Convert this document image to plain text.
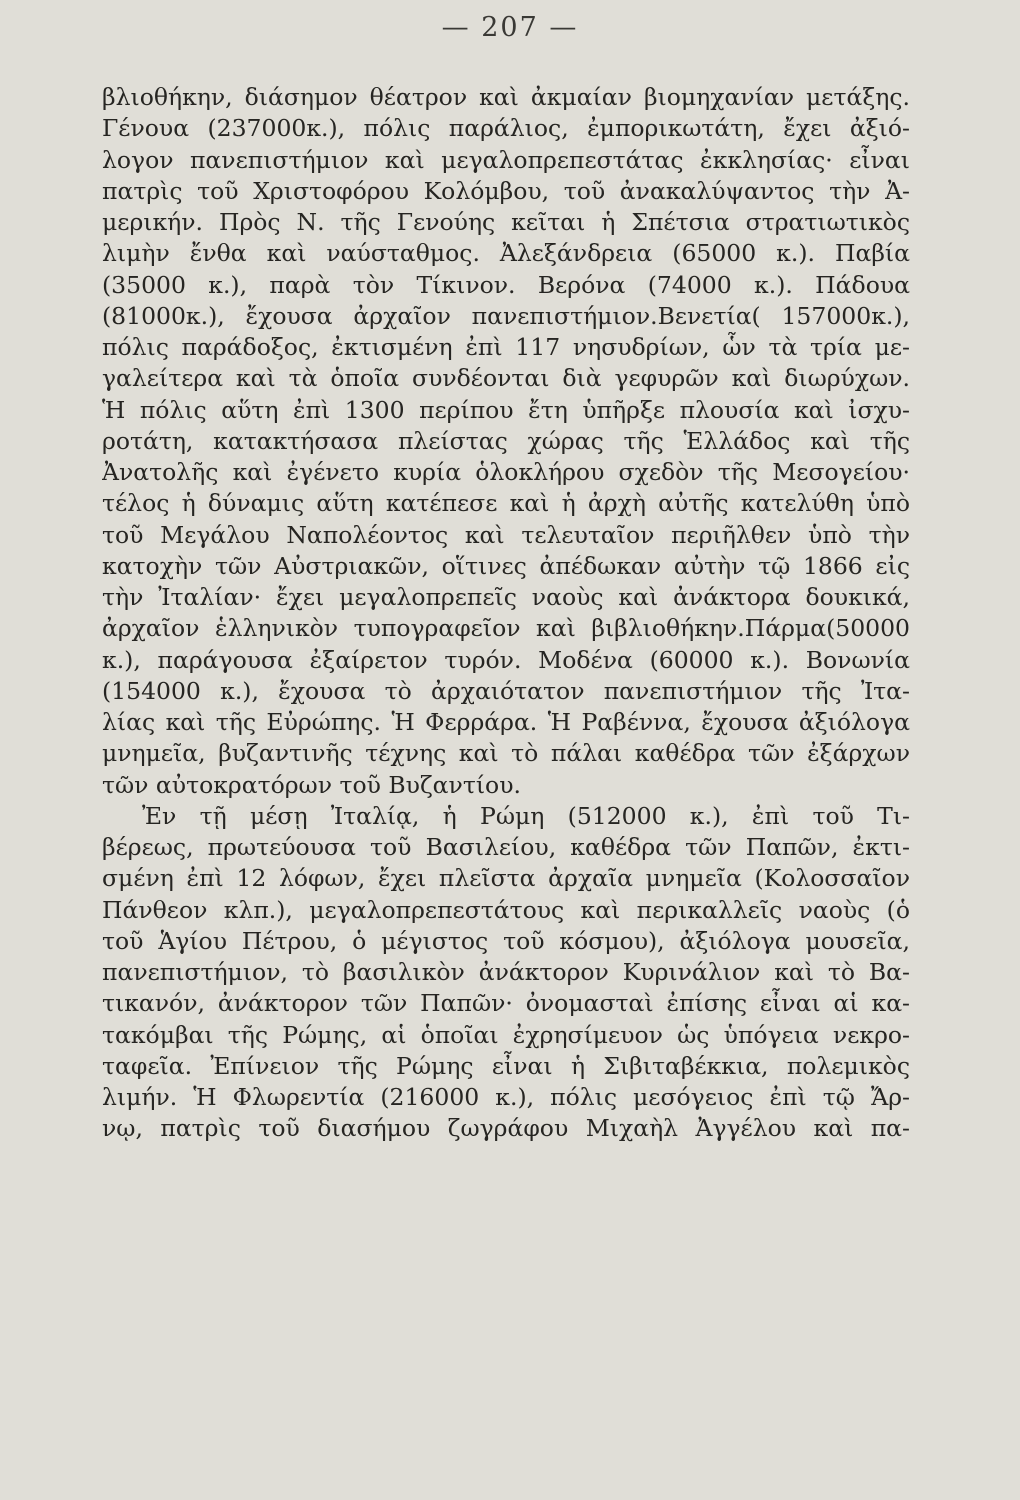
— 207 —
βλιοθήκην, διάσημον θέατρον καὶ ἀκμαίαν βιομηχανίαν μετάξης.
Γένουα (237000κ.), πόλις παράλιος, ἐμπορικωτάτη, ἔχει ἀξιό-
λογον πανεπιστήμιον καὶ μεγαλοπρεπεστάτας ἐκκλησίας· εἶναι
πατρὶς τοῦ Χριστοφόρου Κολόμβου, τοῦ ἀνακαλύψαντος τὴν Ἀ-
μερικήν. Πρὸς Ν. τῆς Γενούης κεῖται ἡ Σπέτσια στρατιωτικὸς
λιμὴν ἔνθα καὶ ναύσταθμος. Ἀλεξάνδρεια (65000 κ.). Παβία
(35000 κ.), παρὰ τὸν Τίκινον. Βερόνα (74000 κ.). Πάδουα
(81000κ.), ἔχουσα ἀρχαῖον πανεπιστήμιον.Βενετία( 157000κ.),
πόλις παράδοξος, ἐκτισμένη ἐπὶ 117 νησυδρίων, ὧν τὰ τρία με-
γαλείτερα καὶ τὰ ὁποῖα συνδέονται διὰ γεφυρῶν καὶ διωρύχων.
Ἡ πόλις αὕτη ἐπὶ 1300 περίπου ἔτη ὑπῆρξε πλουσία καὶ ἰσχυ-
ροτάτη, κατακτήσασα πλείστας χώρας τῆς Ἑλλάδος καὶ τῆς
Ἀνατολῆς καὶ ἐγένετο κυρία ὁλοκλήρου σχεδὸν τῆς Μεσογείου·
τέλος ἡ δύναμις αὕτη κατέπεσε καὶ ἡ ἀρχὴ αὐτῆς κατελύθη ὑπὸ
τοῦ Μεγάλου Ναπολέοντος καὶ τελευταῖον περιῆλθεν ὑπὸ τὴν
κατοχὴν τῶν Αὐστριακῶν, οἵτινες ἀπέδωκαν αὐτὴν τῷ 1866 εἰς
τὴν Ἰταλίαν· ἔχει μεγαλοπρεπεῖς ναοὺς καὶ ἀνάκτορα δουκικά,
ἀρχαῖον ἑλληνικὸν τυπογραφεῖον καὶ βιβλιοθήκην.Πάρμα(50000
κ.), παράγουσα ἐξαίρετον τυρόν. Μοδένα (60000 κ.). Βονωνία
(154000 κ.), ἔχουσα τὸ ἀρχαιότατον πανεπιστήμιον τῆς Ἰτα-
λίας καὶ τῆς Εὐρώπης. Ἡ Φερράρα. Ἡ Ραβέννα, ἔχουσα ἀξιόλογα
μνημεῖα, βυζαντινῆς τέχνης καὶ τὸ πάλαι καθέδρα τῶν ἐξάρχων
τῶν αὐτοκρατόρων τοῦ Βυζαντίου.
Ἐν τῇ μέσῃ Ἰταλίᾳ, ἡ Ρώμη (512000 κ.), ἐπὶ τοῦ Τι-
βέρεως, πρωτεύουσα τοῦ Βασιλείου, καθέδρα τῶν Παπῶν, ἐκτι-
σμένη ἐπὶ 12 λόφων, ἔχει πλεῖστα ἀρχαῖα μνημεῖα (Κολοσσαῖον
Πάνθεον κλπ.), μεγαλοπρεπεστάτους καὶ περικαλλεῖς ναοὺς (ὁ
τοῦ Ἁγίου Πέτρου, ὁ μέγιστος τοῦ κόσμου), ἀξιόλογα μουσεῖα,
πανεπιστήμιον, τὸ βασιλικὸν ἀνάκτορον Κυρινάλιον καὶ τὸ Βα-
τικανόν, ἀνάκτορον τῶν Παπῶν· ὀνομασταὶ ἐπίσης εἶναι αἱ κα-
τακόμβαι τῆς Ρώμης, αἱ ὁποῖαι ἐχρησίμευον ὡς ὑπόγεια νεκρο-
ταφεῖα. Ἐπίνειον τῆς Ρώμης εἶναι ἡ Σιβιταβέκκια, πολεμικὸς
λιμήν. Ἡ Φλωρεντία (216000 κ.), πόλις μεσόγειος ἐπὶ τῷ Ἄρ-
νῳ, πατρὶς τοῦ διασήμου ζωγράφου Μιχαὴλ Ἀγγέλου καὶ πα-
